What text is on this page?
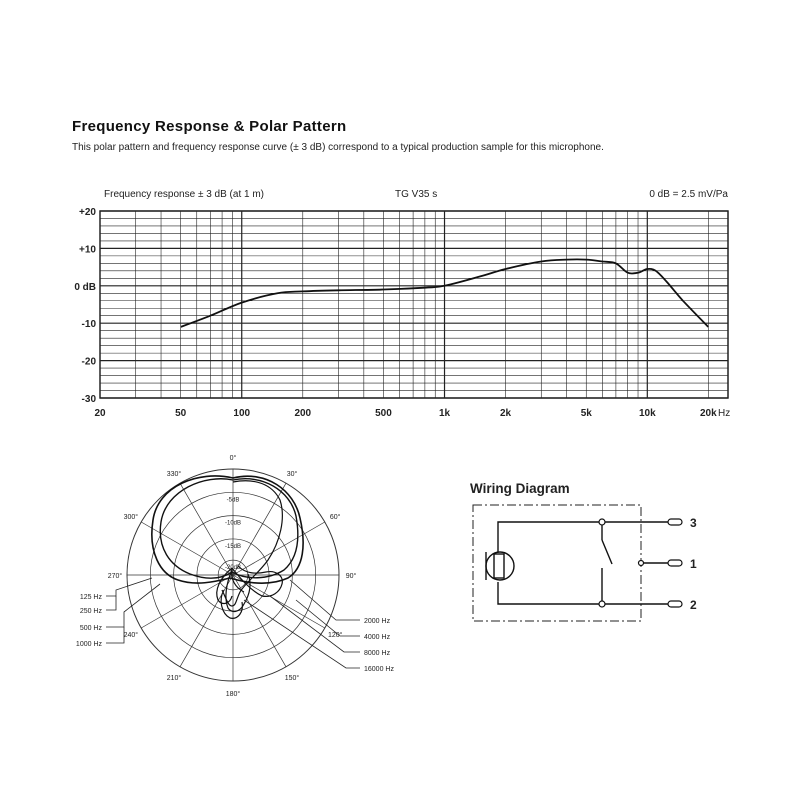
Frequency Response & Polar Pattern
This polar pattern and frequency response curve (± 3 dB) correspond to a typical production sample for this microphone.
Frequency response ± 3 dB (at 1 m)	TG V35 s	0 dB = 2.5 mV/Pa
+20
+10
0 dB
-10
-20
-30
20	50	100	200	500	1k	2k	5k	10k	20k Hz
0°
30°
60°
90°
120°
150°
180°
210°
240°
270°
300°
330°
-5dB
-10dB
-15dB
-20dB
125 Hz
250 Hz
500 Hz
1000 Hz
2000 Hz
4000 Hz
8000 Hz
16000 Hz
Wiring Diagram
3
1
2
